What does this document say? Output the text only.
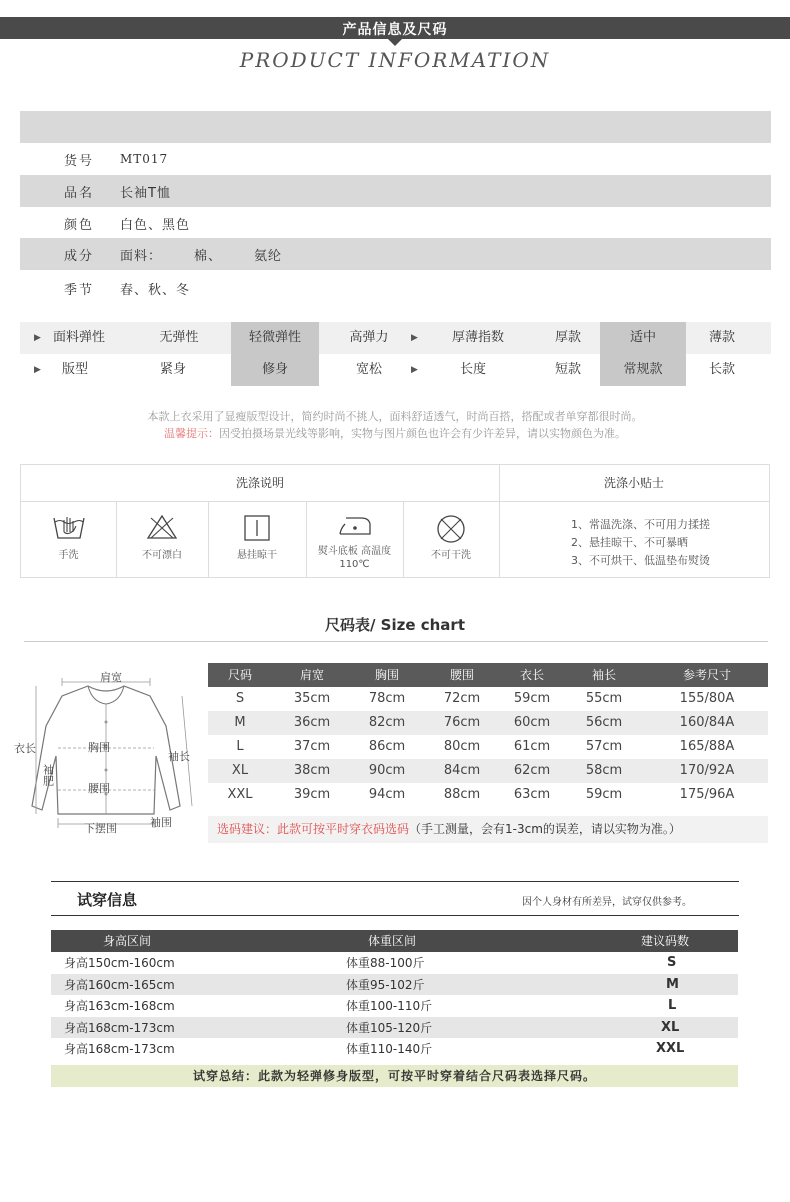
产品信息及尺码
PRODUCT INFORMATION
货号	MT017
品名	长袖T恤
颜色	白色、黑色
成分	面料： 棉、 氨纶
季节	春、秋、冬
▶ 面料弹性	无弹性	轻微弹性	高弹力	▶	厚薄指数	厚款	适中	薄款
▶	版型	紧身	修身	宽松	▶	长度	短款	常规款	长款
本款上衣采用了显瘦版型设计，简约时尚不挑人，面料舒适透气，时尚百搭，搭配或者单穿都很时尚。
温馨提示：因受拍摄场景光线等影响，实物与图片颜色也许会有少许差异，请以实物颜色为准。
洗涤说明	洗涤小贴士
手洗	不可漂白	悬挂晾干	熨斗底板 高温度110℃
不可干洗
1、常温洗涤、不可用力揉搓
2、悬挂晾干、不可暴晒
3、不可烘干、低温垫布熨烫
尺码表/ Size chart
肩宽
衣长	胸围
腰围
袖长
袖肥
下摆围	袖围
尺码	肩宽	胸围	腰围	衣长	袖长	参考尺寸
S	35cm	78cm	72cm	59cm	55cm	155/80A
M	36cm	82cm	76cm	60cm	56cm	160/84A
L	37cm	86cm	80cm	61cm	57cm	165/88A
XL	38cm	90cm	84cm	62cm	58cm	170/92A
XXL	39cm	94cm	88cm	63cm	59cm	175/96A
选码建议：此款可按平时穿衣码选码（手工测量，会有1-3cm的误差，请以实物为准。）
试穿信息	因个人身材有所差异，试穿仅供参考。
身高区间	体重区间	建议码数
身高150cm-160cm	体重88-100斤	S
身高160cm-165cm	体重95-102斤	M
身高163cm-168cm	体重100-110斤	L
身高168cm-173cm	体重105-120斤	XL
身高168cm-173cm	体重110-140斤	XXL
试穿总结：此款为轻弹修身版型，可按平时穿着结合尺码表选择尺码。
